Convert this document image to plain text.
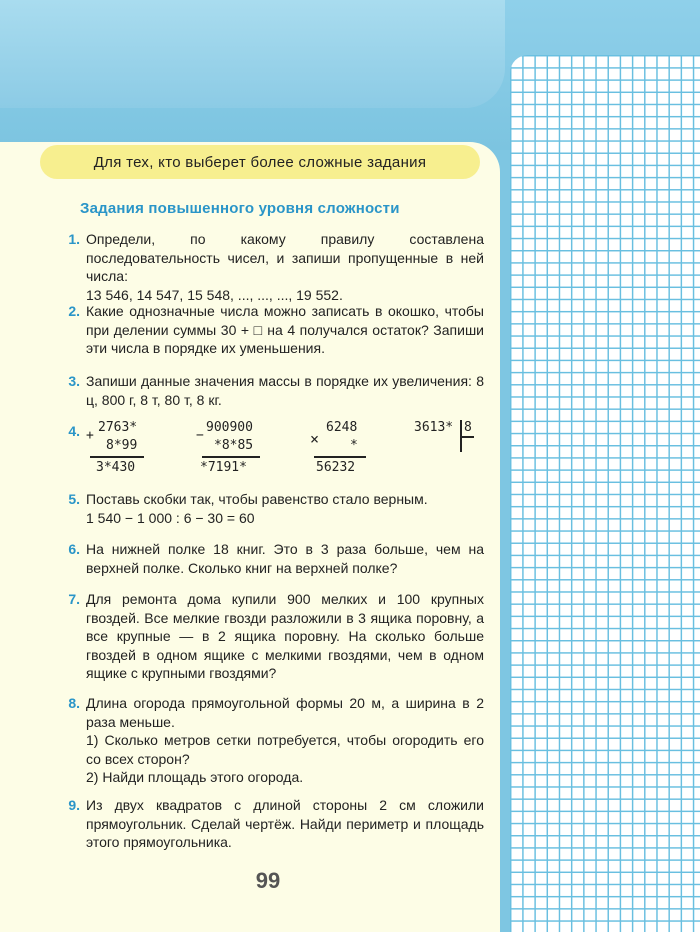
Для тех, кто выберет более сложные задания
Задания повышенного уровня сложности
1. Определи, по какому правилу составлена последовательность чисел, и запиши пропущенные в ней числа:
13 546, 14 547, 15 548, ..., ..., ..., 19 552.
2. Какие однозначные числа можно записать в окошко, чтобы при делении суммы 30 + □ на 4 получался остаток? Запиши эти числа в порядке их уменьшения.
3. Запиши данные значения массы в порядке их увеличения: 8 ц, 800 г, 8 т, 80 т, 8 кг.
4. +
2763*
8*99
3*430
−
900900
*8*85
*7191*
×
6248
*
56232
3613* 8
5. Поставь скобки так, чтобы равенство стало верным.
1 540 − 1 000 : 6 − 30 = 60
6. На нижней полке 18 книг. Это в 3 раза больше, чем на верхней полке. Сколько книг на верхней полке?
7. Для ремонта дома купили 900 мелких и 100 крупных гвоздей. Все мелкие гвозди разложили в 3 ящика поровну, а все крупные — в 2 ящика поровну. На сколько больше гвоздей в одном ящике с мелкими гвоздями, чем в одном ящике с крупными гвоздями?
8. Длина огорода прямоугольной формы 20 м, а ширина в 2 раза меньше.
1) Сколько метров сетки потребуется, чтобы огородить его со всех сторон?
2) Найди площадь этого огорода.
9. Из двух квадратов с длиной стороны 2 см сложили прямоугольник. Сделай чертёж. Найди периметр и площадь этого прямоугольника.
99
